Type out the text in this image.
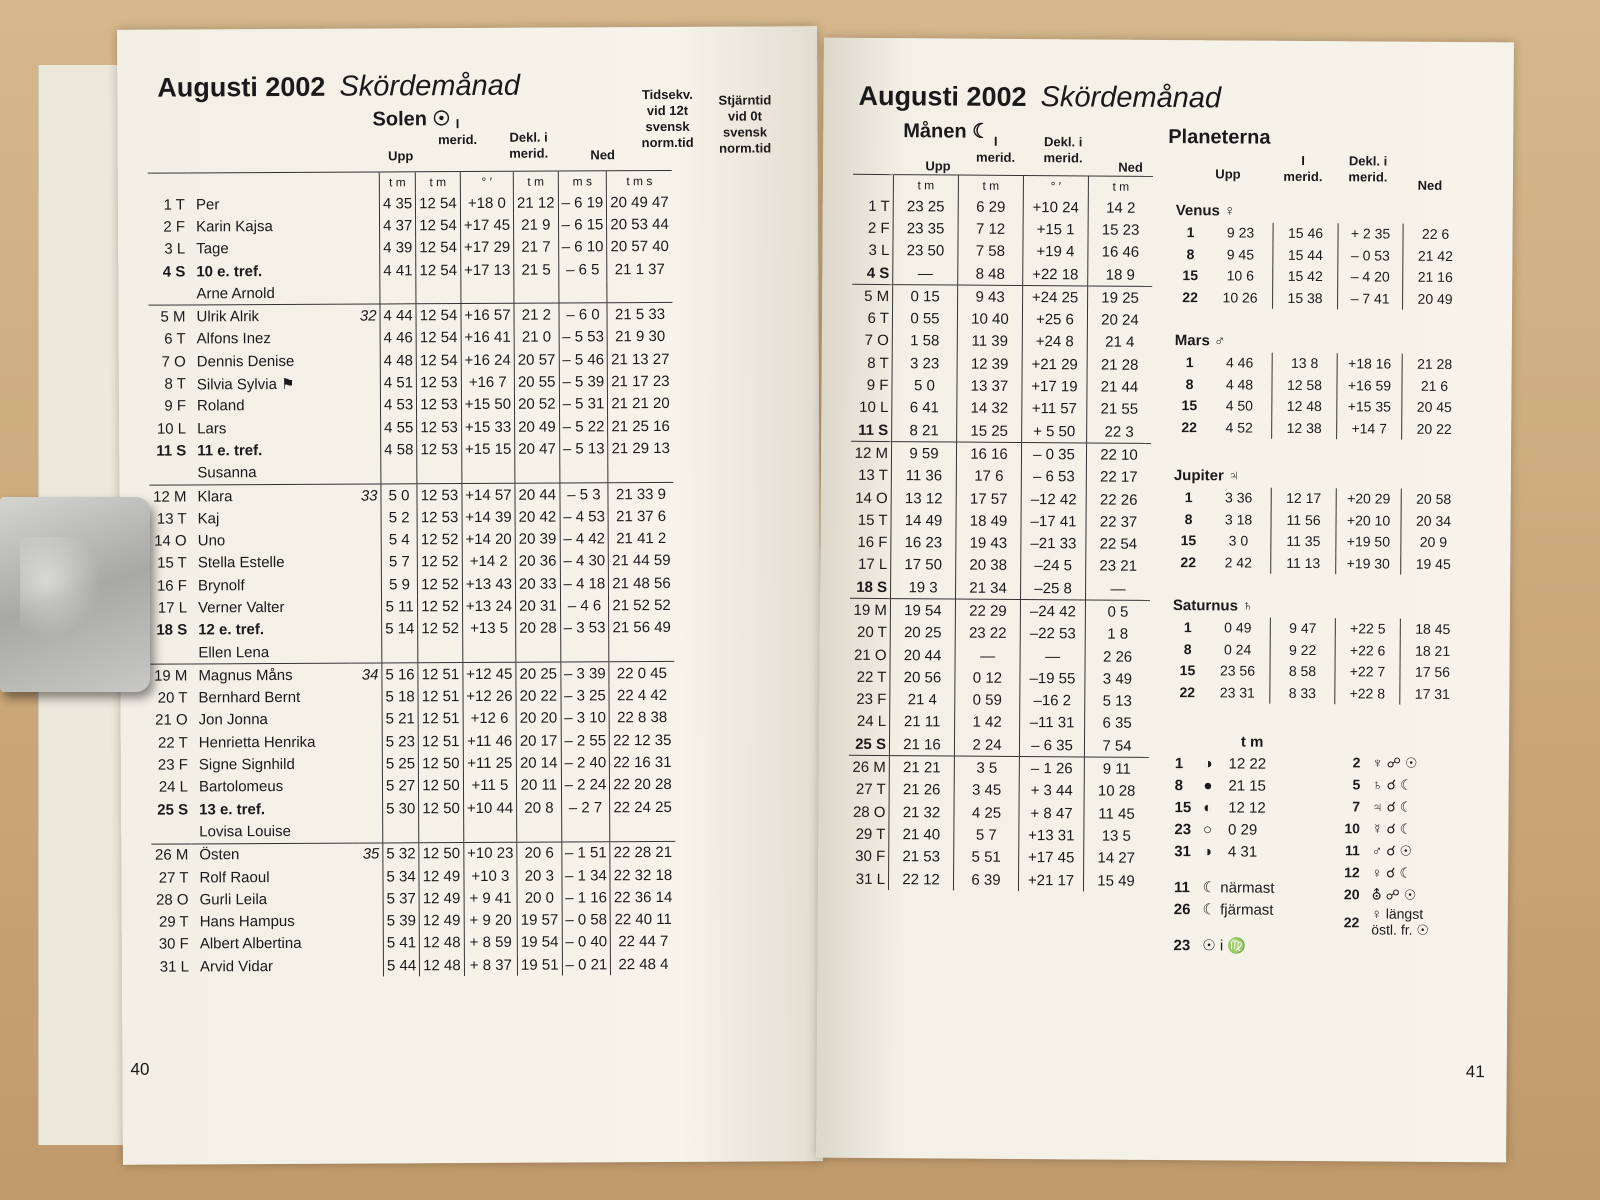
Augusti 2002 Skördemånad
Solen ☉
Upp
I
merid.	Dekl. i
merid.	Ned
Tidsekv.
vid 12t
svensk
norm.tid
Stjärntid
vid 0t
svensk
norm.tid
			t m	t m	° ′	t m	m s	t m s
1 T	Per		4 35	12 54	+18 0	21 12	– 6 19	20 49 47
2 F	Karin Kajsa		4 37	12 54	+17 45	21 9	– 6 15	20 53 44
3 L	Tage		4 39	12 54	+17 29	21 7	– 6 10	20 57 40
4 S	10 e. tref.		4 41	12 54	+17 13	21 5	– 6 5	21 1 37
	Arne Arnold							
5 M	Ulrik Alrik	32	4 44	12 54	+16 57	21 2	– 6 0	21 5 33
6 T	Alfons Inez		4 46	12 54	+16 41	21 0	– 5 53	21 9 30
7 O	Dennis Denise		4 48	12 54	+16 24	20 57	– 5 46	21 13 27
8 T	Silvia Sylvia ⚑		4 51	12 53	+16 7	20 55	– 5 39	21 17 23
9 F	Roland		4 53	12 53	+15 50	20 52	– 5 31	21 21 20
10 L	Lars		4 55	12 53	+15 33	20 49	– 5 22	21 25 16
11 S	11 e. tref.		4 58	12 53	+15 15	20 47	– 5 13	21 29 13
	Susanna							
12 M	Klara	33	5 0	12 53	+14 57	20 44	– 5 3	21 33 9
13 T	Kaj		5 2	12 53	+14 39	20 42	– 4 53	21 37 6
14 O	Uno		5 4	12 52	+14 20	20 39	– 4 42	21 41 2
15 T	Stella Estelle		5 7	12 52	+14 2	20 36	– 4 30	21 44 59
16 F	Brynolf		5 9	12 52	+13 43	20 33	– 4 18	21 48 56
17 L	Verner Valter		5 11	12 52	+13 24	20 31	– 4 6	21 52 52
18 S	12 e. tref.		5 14	12 52	+13 5	20 28	– 3 53	21 56 49
	Ellen Lena							
19 M	Magnus Måns	34	5 16	12 51	+12 45	20 25	– 3 39	22 0 45
20 T	Bernhard Bernt		5 18	12 51	+12 26	20 22	– 3 25	22 4 42
21 O	Jon Jonna		5 21	12 51	+12 6	20 20	– 3 10	22 8 38
22 T	Henrietta Henrika		5 23	12 51	+11 46	20 17	– 2 55	22 12 35
23 F	Signe Signhild		5 25	12 50	+11 25	20 14	– 2 40	22 16 31
24 L	Bartolomeus		5 27	12 50	+11 5	20 11	– 2 24	22 20 28
25 S	13 e. tref.		5 30	12 50	+10 44	20 8	– 2 7	22 24 25
	Lovisa Louise							
26 M	Östen	35	5 32	12 50	+10 23	20 6	– 1 51	22 28 21
27 T	Rolf Raoul		5 34	12 49	+10 3	20 3	– 1 34	22 32 18
28 O	Gurli Leila		5 37	12 49	+ 9 41	20 0	– 1 16	22 36 14
29 T	Hans Hampus		5 39	12 49	+ 9 20	19 57	– 0 58	22 40 11
30 F	Albert Albertina		5 41	12 48	+ 8 59	19 54	– 0 40	22 44 7
31 L	Arvid Vidar		5 44	12 48	+ 8 37	19 51	– 0 21	22 48 4
40
Augusti 2002 Skördemånad
Månen ☾	Planeterna
Upp
I
merid.
Dekl. i
merid.
Ned
	t m	t m	° ′	t m
1 T	23 25	6 29	+10 24	14 2
2 F	23 35	7 12	+15 1	15 23
3 L	23 50	7 58	+19 4	16 46
4 S	—	8 48	+22 18	18 9
5 M	0 15	9 43	+24 25	19 25
6 T	0 55	10 40	+25 6	20 24
7 O	1 58	11 39	+24 8	21 4
8 T	3 23	12 39	+21 29	21 28
9 F	5 0	13 37	+17 19	21 44
10 L	6 41	14 32	+11 57	21 55
11 S	8 21	15 25	+ 5 50	22 3
12 M	9 59	16 16	– 0 35	22 10
13 T	11 36	17 6	– 6 53	22 17
14 O	13 12	17 57	–12 42	22 26
15 T	14 49	18 49	–17 41	22 37
16 F	16 23	19 43	–21 33	22 54
17 L	17 50	20 38	–24 5	23 21
18 S	19 3	21 34	–25 8	—
19 M	19 54	22 29	–24 42	0 5
20 T	20 25	23 22	–22 53	1 8
21 O	20 44	—	—	2 26
22 T	20 56	0 12	–19 55	3 49
23 F	21 4	0 59	–16 2	5 13
24 L	21 11	1 42	–11 31	6 35
25 S	21 16	2 24	– 6 35	7 54
26 M	21 21	3 5	– 1 26	9 11
27 T	21 26	3 45	+ 3 44	10 28
28 O	21 32	4 25	+ 8 47	11 45
29 T	21 40	5 7	+13 31	13 5
30 F	21 53	5 51	+17 45	14 27
31 L	22 12	6 39	+21 17	15 49
Upp
I
merid.
Dekl. i
merid.
Ned
Venus ♀				
1	9 23	15 46	+ 2 35	22 6
8	9 45	15 44	– 0 53	21 42
15	10 6	15 42	– 4 20	21 16
22	10 26	15 38	– 7 41	20 49
Mars ♂				
1	4 46	13 8	+18 16	21 28
8	4 48	12 58	+16 59	21 6
15	4 50	12 48	+15 35	20 45
22	4 52	12 38	+14 7	20 22
Jupiter ♃				
1	3 36	12 17	+20 29	20 58
8	3 18	11 56	+20 10	20 34
15	3 0	11 35	+19 50	20 9
22	2 42	11 13	+19 30	19 45
Saturnus ♄				
1	0 49	9 47	+22 5	18 45
8	0 24	9 22	+22 6	18 21
15	23 56	8 58	+22 7	17 56
22	23 31	8 33	+22 8	17 31
		t m
1	◑	12 22
8	●	21 15
15	◐	12 12
23	○	0 29
31	◑	4 31

11	☾ närmast	
26	☾ fjärmast	

23	☉ i ♍	
2	♆ ☍ ☉
5	♄ ☌ ☾
7	♃ ☌ ☾
10	☿ ☌ ☾
11	♂ ☌ ☉
12	♀ ☌ ☾
20	⛢ ☍ ☉
22	♀ längst
östl. fr. ☉
41
